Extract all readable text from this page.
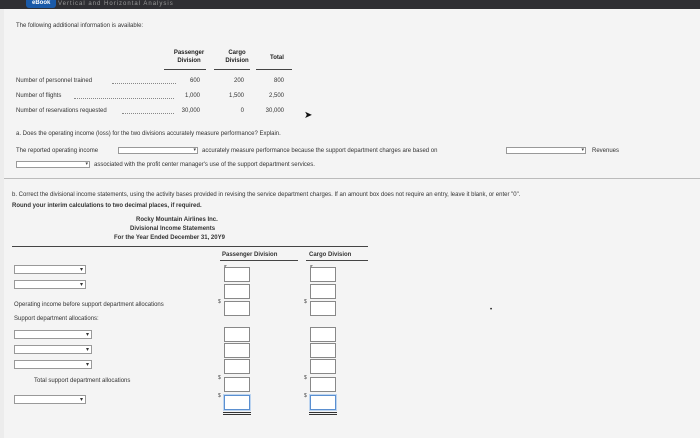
eBook	Vertical and Horizontal Analysis
The following additional information is available:
Passenger
Division
Cargo
Division	Total
Number of personnel trained	600	200	800
Number of flights	1,000	1,500	2,500
Number of reservations requested	30,000	0	30,000 ➤
a. Does the operating income (loss) for the two divisions accurately measure performance? Explain.
The reported operating income	▾ accurately measure performance because the support department charges are based on	▾ Revenues
▾ associated with the profit center manager's use of the support department services.
b. Correct the divisional income statements, using the activity bases provided in revising the service department charges. If an amount box does not require an entry, leave it blank, or enter "0".
Round your interim calculations to two decimal places, if required.
Rocky Mountain Airlines Inc.
Divisional Income Statements
For the Year Ended December 31, 20Y9
Passenger Division	Cargo Division
▾
▾
Operating income before support department allocations	$	$
Support department allocations:
▾
▾
▾
Total support department allocations	$	$
▾
$	$
•
